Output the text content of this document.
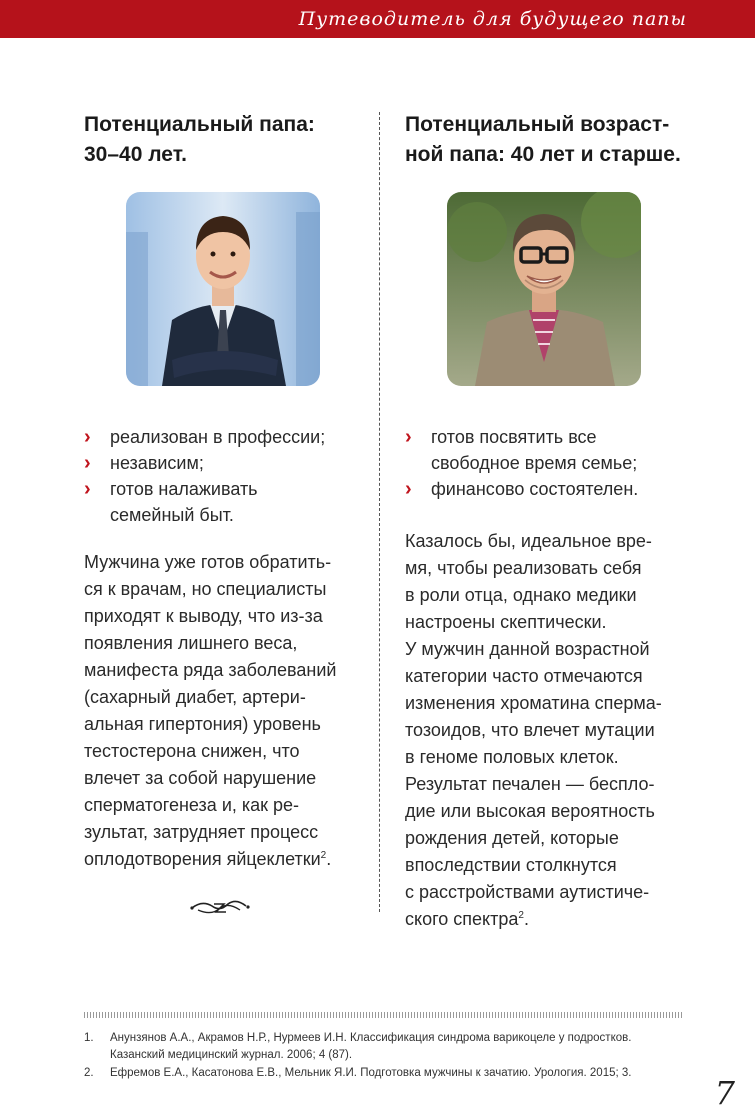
Путеводитель для будущего папы
Потенциальный папа:
30–40 лет.
› реализован в профессии;
› независим;
› готов налаживать
семейный быт.
Мужчина уже готов обратить-
ся к врачам, но специалисты
приходят к выводу, что из-за
появления лишнего веса,
манифеста ряда заболеваний
(сахарный диабет, артери-
альная гипертония) уровень
тестостерона снижен, что
влечет за собой нарушение
сперматогенеза и, как ре-
зультат, затрудняет процесс
оплодотворения яйцеклетки$^2$.
Потенциальный возраст-
ной папа: 40 лет и старше.
› готов посвятить все
свободное время семье;
› финансово состоятелен.
Казалось бы, идеальное вре-
мя, чтобы реализовать себя
в роли отца, однако медики
настроены скептически.
У мужчин данной возрастной
категории часто отмечаются
изменения хроматина сперма-
тозоидов, что влечет мутации
в геноме половых клеток.
Результат печален — беспло-
дие или высокая вероятность
рождения детей, которые
впоследствии столкнутся
с расстройствами аутистиче-
ского спектра$^2$.
1. Анунзянов А.А., Акрамов Н.Р., Нурмеев И.Н. Классификация синдрома варикоцеле у подростков.
Казанский медицинский журнал. 2006; 4 (87).
2. Ефремов Е.А., Касатонова Е.В., Мельник Я.И. Подготовка мужчины к зачатию. Урология. 2015; 3.
7
